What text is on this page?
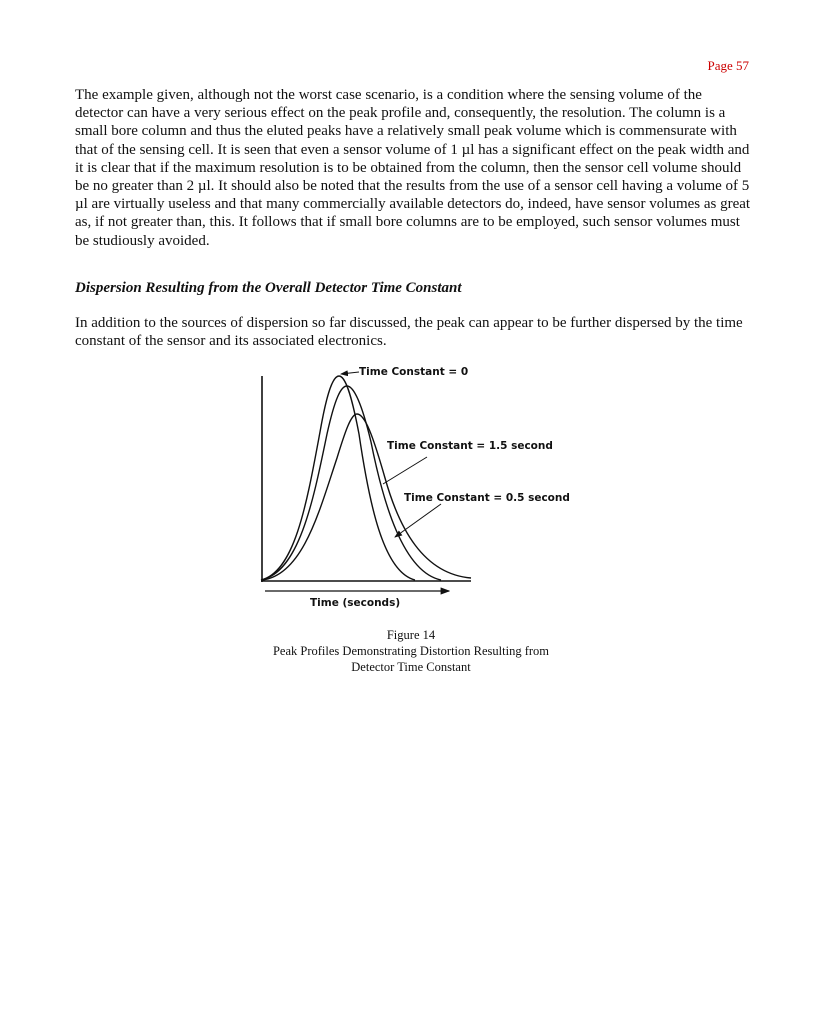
Page 57

The example given, although not the worst case scenario, is a condition where the sensing volume of the detector can have a very serious effect on the peak profile and, consequently, the resolution. The column is a small bore column and thus the eluted peaks have a relatively small peak volume which is commensurate with that of the sensing cell. It is seen that even a sensor volume of 1 µl has a significant effect on the peak width and it is clear that if the maximum resolution is to be obtained from the column, then the sensor cell volume should be no greater than 2 µl. It should also be noted that the results from the use of a sensor cell having a volume of 5 µl are virtually useless and that many commercially available detectors do, indeed, have sensor volumes as great as, if not greater than, this. It follows that if small bore columns are to be employed, such sensor volumes must be studiously avoided.

Dispersion Resulting from the Overall Detector Time Constant

In addition to the sources of dispersion so far discussed, the peak can appear to be further dispersed by the time constant of the sensor and its associated electronics.

Time Constant = 0
Time Constant = 1.5 second
Time Constant = 0.5 second
Time (seconds)
Figure 14
Peak Profiles Demonstrating Distortion Resulting from
Detector Time Constant
